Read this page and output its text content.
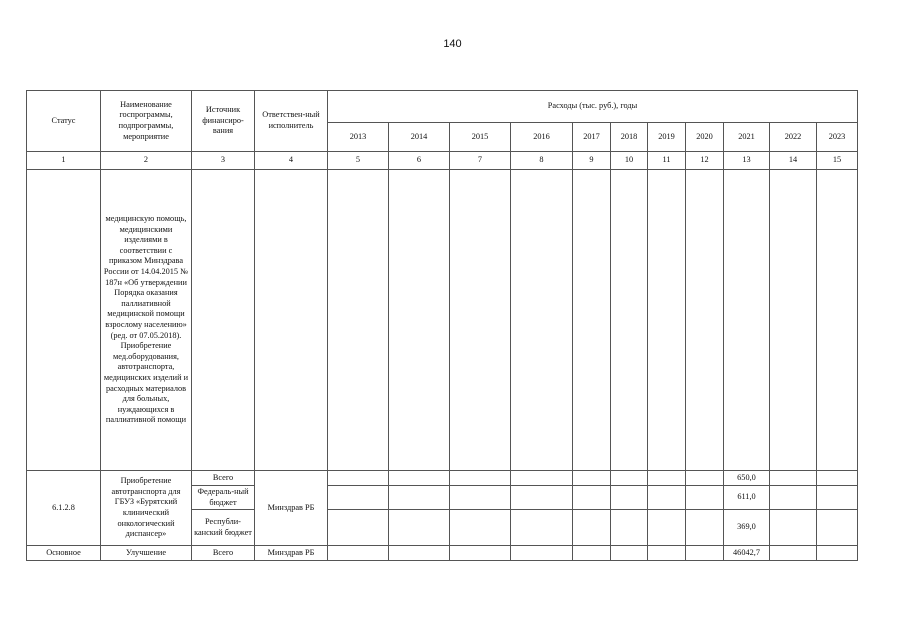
140
Статус	Наименование госпрограммы, подпрограммы, мероприятие	Источник финансиро-вания	Ответствен-ный исполнитель	Расходы (тыс. руб.), годы										
				2013	2014	2015	2016	2017	2018	2019	2020	2021	2022	2023
1	2	3	4	5	6	7	8	9	10	11	12	13	14	15
	медицинскую помощь, медицинскими изделиями в соответствии с приказом Минздрава России от 14.04.2015 № 187н «Об утверждении Порядка оказания паллиативной медицинской помощи взрослому населению» (ред. от 07.05.2018). Приобретение мед.оборудования, автотранспорта, медицинских изделий и расходных материалов для больных, нуждающихся в паллиативной помощи													
6.1.2.8	Приобретение автотранспорта для ГБУЗ «Бурятский клинический онкологический диспансер»	Всего	Минздрав РБ									650,0		
		Федераль-ный бюджет										611,0		
		Республи-канский бюджет										369,0		
Основное	Улучшение	Всего	Минздрав РБ									46042,7		
